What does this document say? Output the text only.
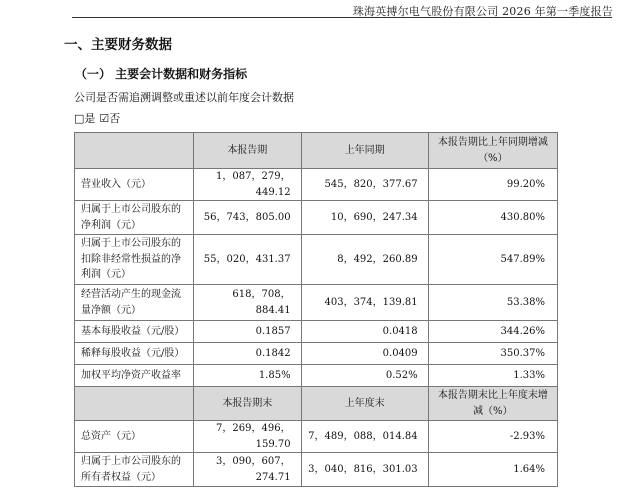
珠海英搏尔电气股份有限公司 2026 年第一季度报告
一、主要财务数据
（一） 主要会计数据和财务指标
公司是否需追溯调整或重述以前年度会计数据
□是 ☑否
	本报告期	上年同期	本报告期比上年同期增减（%）
营业收入（元）	1，087，279，449.12	545，820，377.67	99.20%
归属于上市公司股东的净利润（元）	56，743，805.00	10，690，247.34	430.80%
归属于上市公司股东的扣除非经常性损益的净利润（元）	55，020，431.37	8，492，260.89	547.89%
经营活动产生的现金流量净额（元）	618，708，884.41	403，374，139.81	53.38%
基本每股收益（元/股）	0.1857	0.0418	344.26%
稀释每股收益（元/股）	0.1842	0.0409	350.37%
加权平均净资产收益率	1.85%	0.52%	1.33%
	本报告期末	上年度末	本报告期末比上年度末增减（%）
总资产（元）	7，269，496，159.70	7，489，088，014.84	-2.93%
归属于上市公司股东的所有者权益（元）	3，090，607，274.71	3，040，816，301.03	1.64%
